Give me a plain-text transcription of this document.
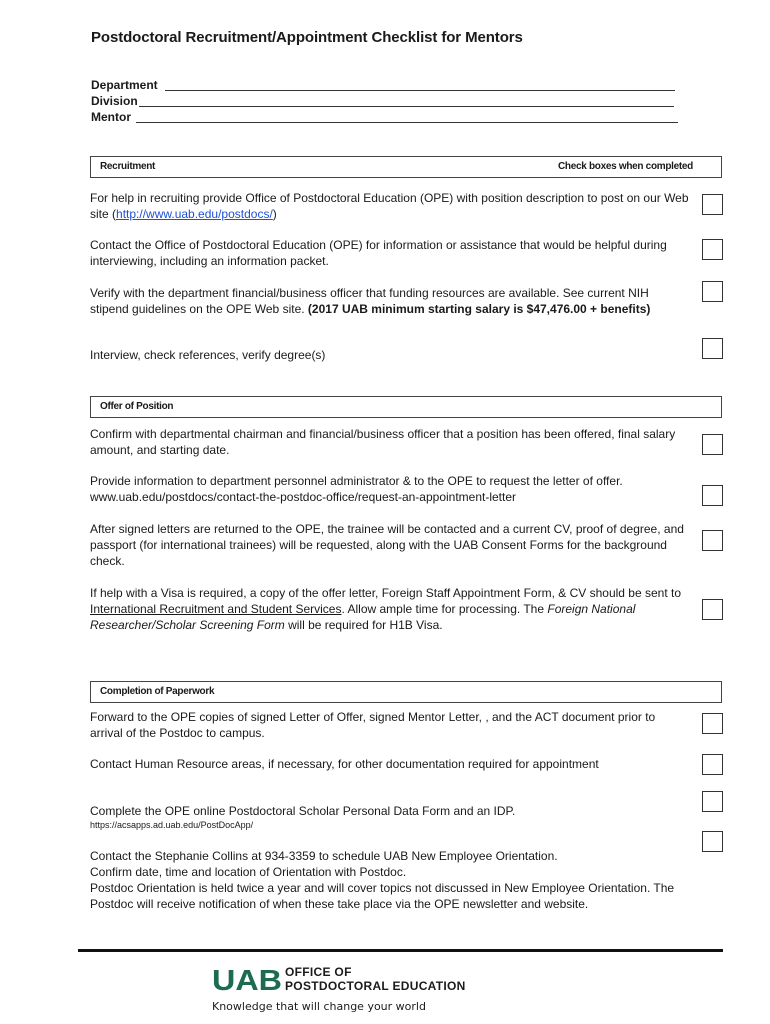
Postdoctoral Recruitment/Appointment Checklist for Mentors
Department
Division
Mentor
Recruitment	Check boxes when completed
For help in recruiting provide Office of Postdoctoral Education (OPE) with position description to post on our Web site (http://www.uab.edu/postdocs/)
Contact the Office of Postdoctoral Education (OPE) for information or assistance that would be helpful during interviewing, including an information packet.
Verify with the department financial/business officer that funding resources are available. See current NIH stipend guidelines on the OPE Web site. (2017 UAB minimum starting salary is $47,476.00 + benefits)
Interview, check references, verify degree(s)
Offer of Position
Confirm with departmental chairman and financial/business officer that a position has been offered, final salary amount, and starting date.
Provide information to department personnel administrator & to the OPE to request the letter of offer. www.uab.edu/postdocs/contact-the-postdoc-office/request-an-appointment-letter
After signed letters are returned to the OPE, the trainee will be contacted and a current CV, proof of degree, and passport (for international trainees) will be requested, along with the UAB Consent Forms for the background check.
If help with a Visa is required, a copy of the offer letter, Foreign Staff Appointment Form, & CV should be sent to International Recruitment and Student Services. Allow ample time for processing. The Foreign National Researcher/Scholar Screening Form will be required for H1B Visa.
Completion of Paperwork
Forward to the OPE copies of signed Letter of Offer, signed Mentor Letter, , and the ACT document prior to arrival of the Postdoc to campus.
Contact Human Resource areas, if necessary, for other documentation required for appointment
Complete the OPE online Postdoctoral Scholar Personal Data Form and an IDP.
https://acsapps.ad.uab.edu/PostDocApp/
Contact the Stephanie Collins at 934-3359 to schedule UAB New Employee Orientation.
Confirm date, time and location of Orientation with Postdoc.
Postdoc Orientation is held twice a year and will cover topics not discussed in New Employee Orientation. The Postdoc will receive notification of when these take place via the OPE newsletter and website.
UAB OFFICE OF
POSTDOCTORAL EDUCATION
Knowledge that will change your world
